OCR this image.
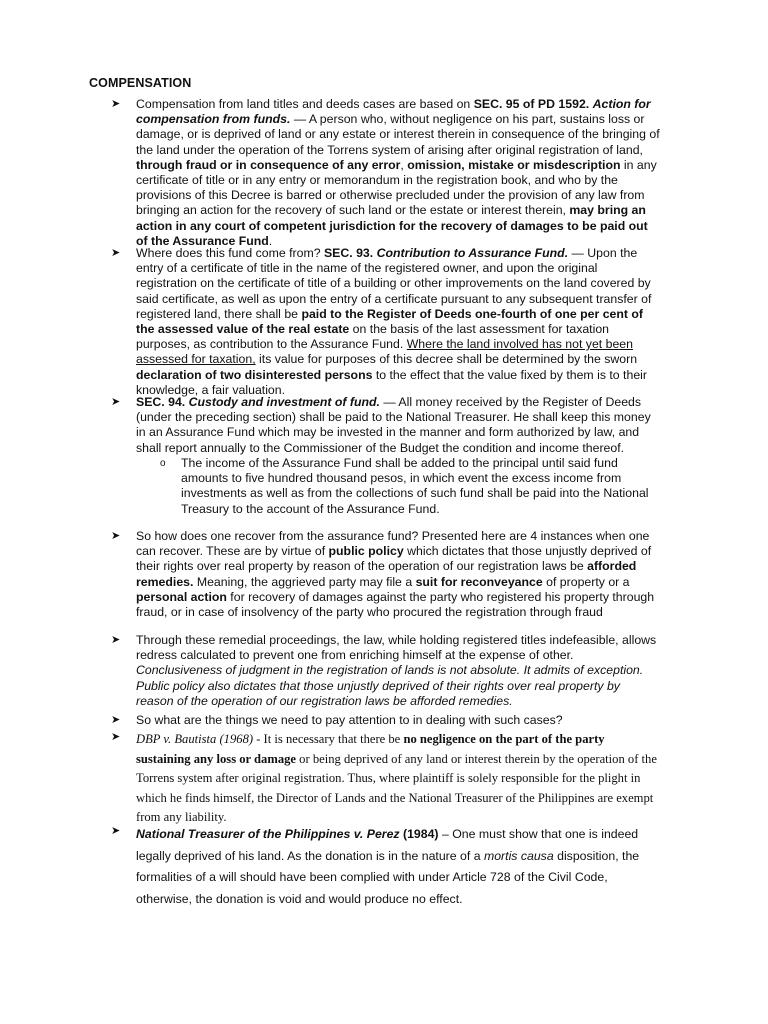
COMPENSATION
➤	Compensation from land titles and deeds cases are based on SEC. 95 of PD 1592. Action for compensation from funds. — A person who, without negligence on his part, sustains loss or damage, or is deprived of land or any estate or interest therein in consequence of the bringing of the land under the operation of the Torrens system of arising after original registration of land, through fraud or in consequence of any error, omission, mistake or misdescription in any certificate of title or in any entry or memorandum in the registration book, and who by the provisions of this Decree is barred or otherwise precluded under the provision of any law from bringing an action for the recovery of such land or the estate or interest therein, may bring an action in any court of competent jurisdiction for the recovery of damages to be paid out of the Assurance Fund.
➤	Where does this fund come from? SEC. 93. Contribution to Assurance Fund. — Upon the entry of a certificate of title in the name of the registered owner, and upon the original registration on the certificate of title of a building or other improvements on the land covered by said certificate, as well as upon the entry of a certificate pursuant to any subsequent transfer of registered land, there shall be paid to the Register of Deeds one-fourth of one per cent of the assessed value of the real estate on the basis of the last assessment for taxation purposes, as contribution to the Assurance Fund. Where the land involved has not yet been assessed for taxation, its value for purposes of this decree shall be determined by the sworn declaration of two disinterested persons to the effect that the value fixed by them is to their knowledge, a fair valuation.
➤	SEC. 94. Custody and investment of fund. — All money received by the Register of Deeds (under the preceding section) shall be paid to the National Treasurer. He shall keep this money in an Assurance Fund which may be invested in the manner and form authorized by law, and shall report annually to the Commissioner of the Budget the condition and income thereof.
o	The income of the Assurance Fund shall be added to the principal until said fund amounts to five hundred thousand pesos, in which event the excess income from investments as well as from the collections of such fund shall be paid into the National Treasury to the account of the Assurance Fund.
➤	So how does one recover from the assurance fund? Presented here are 4 instances when one can recover. These are by virtue of public policy which dictates that those unjustly deprived of their rights over real property by reason of the operation of our registration laws be afforded remedies. Meaning, the aggrieved party may file a suit for reconveyance of property or a personal action for recovery of damages against the party who registered his property through fraud, or in case of insolvency of the party who procured the registration through fraud
➤	Through these remedial proceedings, the law, while holding registered titles indefeasible, allows redress calculated to prevent one from enriching himself at the expense of other. Conclusiveness of judgment in the registration of lands is not absolute. It admits of exception. Public policy also dictates that those unjustly deprived of their rights over real property by reason of the operation of our registration laws be afforded remedies.
➤	So what are the things we need to pay attention to in dealing with such cases?
➤	DBP v. Bautista (1968) - It is necessary that there be no negligence on the part of the party sustaining any loss or damage or being deprived of any land or interest therein by the operation of the Torrens system after original registration. Thus, where plaintiff is solely responsible for the plight in which he finds himself, the Director of Lands and the National Treasurer of the Philippines are exempt from any liability.
➤	National Treasurer of the Philippines v. Perez (1984) – One must show that one is indeed legally deprived of his land. As the donation is in the nature of a mortis causa disposition, the formalities of a will should have been complied with under Article 728 of the Civil Code, otherwise, the donation is void and would produce no effect.
